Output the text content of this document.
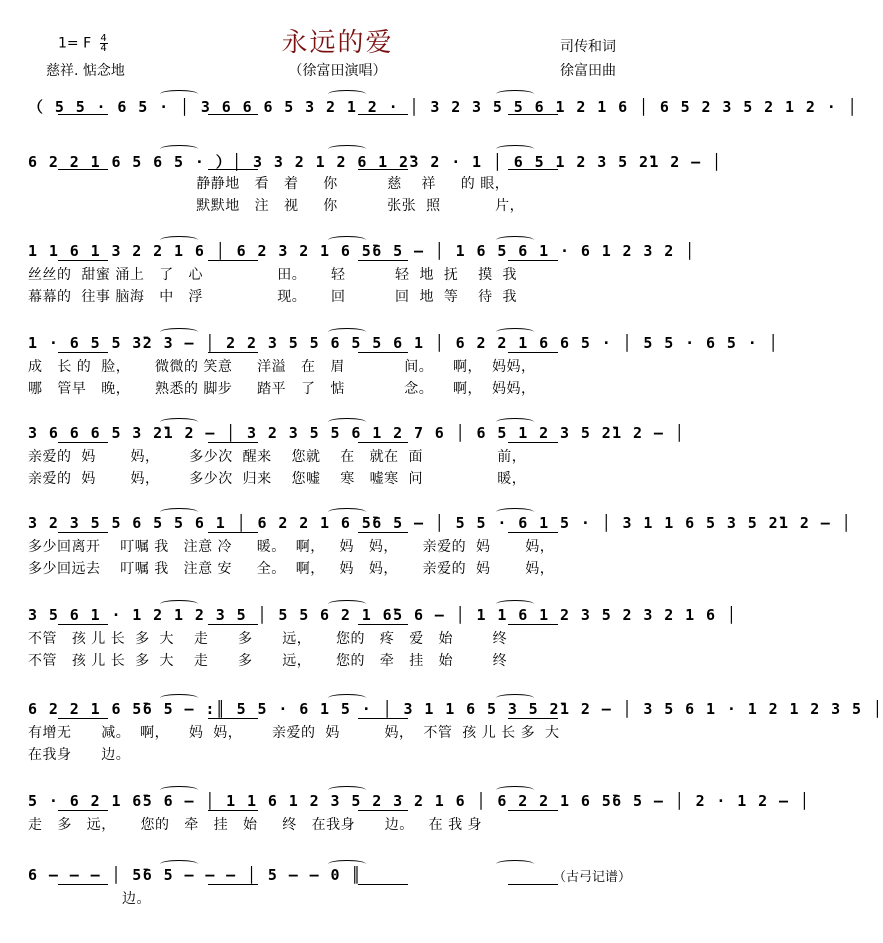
1= F $\frac{4}{4}$
慈祥. 惦念地
永远的爱
（徐富田演唱）
司传和词
徐富田曲
（ 5 5 · 6 5 · │ 3 6 6 6 5 3 2 1 2 · │ 3 2 3 5 5 6 1 2 1 6 │ 6 5 2 3 5 2 1 2 · │
6 2 2 1 6 5 6 5 · ）│ 3 3 2 1 2 6 1 2̄3 2 · 1 │ 6 5 1 2 3 5 2̄1 2 — │
静静地   看   着     你          慈    祥     的 眼，
默默地   注   视     你          张张  照           片，
1 1 6 1 3 2 2 1 6 │ 6 2 3 2 1 6 5̄6 5 — │ 1 6 5 6 1 · 6 1 2 3 2 │
丝丝的  甜蜜 涌上   了   心               田。     轻          轻  地  抚    摸  我
幕幕的  往事 脑海   中   浮               现。     回          回  地  等    待  我
1 · 6 5 5 3̄2 3 — │ 2 2 3 5 5 6 5 5 6 1 │ 6 2 2 1 6 6 5 · │ 5 5 · 6 5 · │
成   长 的  脸，     微微的 笑意     洋溢   在   眉            间。    啊，  妈妈，
哪   管早   晚，     熟悉的 脚步     踏平   了   惦            念。    啊，  妈妈，
3 6 6 6 5 3 2̄1 2 — │ 3 2 3 5 5 6 1 2 7 6 │ 6 5 1 2 3 5 2̄1 2 — │
亲爱的  妈       妈，      多少次  醒来    您就    在   就在  面               前，
亲爱的  妈       妈，      多少次  归来    您嘘    寒   嘘寒  问               暖，
3 2 3 5 5 6 5 5 6 1 │ 6 2 2 1 6 5̄6 5 — │ 5 5 · 6 1 5 · │ 3 1 1 6 5 3 5 2̄1 2 — │
多少回离开    叮嘱 我   注意 冷     暖。  啊，   妈   妈，     亲爱的  妈       妈，
多少回远去    叮嘱 我   注意 安     全。  啊，   妈   妈，     亲爱的  妈       妈，
3 5 6 1 · 1 2 1 2 3 5 │ 5 5 6 2 1 6̄5 6 — │ 1 1 6 1 2 3 5 2 3 2 1 6 │
不管   孩 儿 长  多  大    走      多      远，     您的   疼   爱   始        终
不管   孩 儿 长  多  大    走      多      远，     您的   牵   挂   始        终
6 2 2 1 6 5̄6 5 — :║ 5 5 · 6 1 5 · │ 3 1 1 6 5 3 5 2̄1 2 — │ 3 5 6 1 · 1 2 1 2 3 5 │
有增无      减。  啊，    妈  妈，      亲爱的  妈         妈，  不管  孩 儿 长 多  大
在我身      边。
5 · 6 2 1 6̄5 6 — │ 1 1 6 1 2 3 5 2 3 2 1 6 │ 6 2 2 1 6 5̄6 5 — │ 2 · 1 2 — │
走   多   远，     您的   牵   挂   始     终   在我身      边。   在 我 身
6 — — — │ 5̄6 5 — — — │ 5 — — 0 ║
边。
（古弓记谱）
